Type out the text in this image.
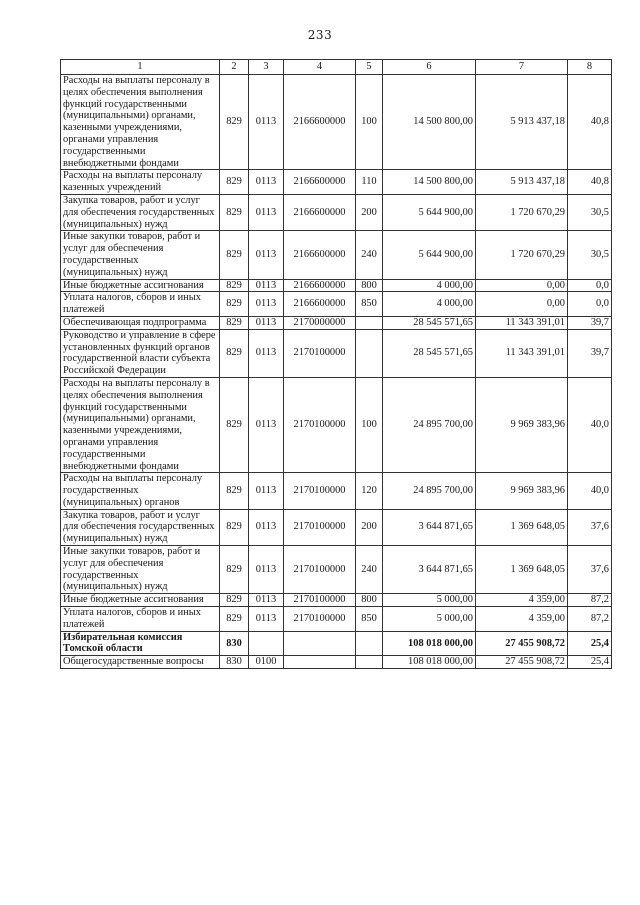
233
1	2	3	4	5	6	7	8
Расходы на выплаты персоналу в целях обеспечения выполнения функций государственными (муниципальными) органами, казенными учреждениями, органами управления государственными внебюджетными фондами	829	0113	2166600000	100	14 500 800,00	5 913 437,18	40,8
Расходы на выплаты персоналу казенных учреждений	829	0113	2166600000	110	14 500 800,00	5 913 437,18	40,8
Закупка товаров, работ и услуг для обеспечения государственных (муниципальных) нужд	829	0113	2166600000	200	5 644 900,00	1 720 670,29	30,5
Иные закупки товаров, работ и услуг для обеспечения государственных (муниципальных) нужд	829	0113	2166600000	240	5 644 900,00	1 720 670,29	30,5
Иные бюджетные ассигнования	829	0113	2166600000	800	4 000,00	0,00	0,0
Уплата налогов, сборов и иных платежей	829	0113	2166600000	850	4 000,00	0,00	0,0
Обеспечивающая подпрограмма	829	0113	2170000000		28 545 571,65	11 343 391,01	39,7
Руководство и управление в сфере установленных функций органов государственной власти субъекта Российской Федерации	829	0113	2170100000		28 545 571,65	11 343 391,01	39,7
Расходы на выплаты персоналу в целях обеспечения выполнения функций государственными (муниципальными) органами, казенными учреждениями, органами управления государственными внебюджетными фондами	829	0113	2170100000	100	24 895 700,00	9 969 383,96	40,0
Расходы на выплаты персоналу государственных (муниципальных) органов	829	0113	2170100000	120	24 895 700,00	9 969 383,96	40,0
Закупка товаров, работ и услуг для обеспечения государственных (муниципальных) нужд	829	0113	2170100000	200	3 644 871,65	1 369 648,05	37,6
Иные закупки товаров, работ и услуг для обеспечения государственных (муниципальных) нужд	829	0113	2170100000	240	3 644 871,65	1 369 648,05	37,6
Иные бюджетные ассигнования	829	0113	2170100000	800	5 000,00	4 359,00	87,2
Уплата налогов, сборов и иных платежей	829	0113	2170100000	850	5 000,00	4 359,00	87,2
Избирательная комиссия Томской области	830				108 018 000,00	27 455 908,72	25,4
Общегосударственные вопросы	830	0100			108 018 000,00	27 455 908,72	25,4
